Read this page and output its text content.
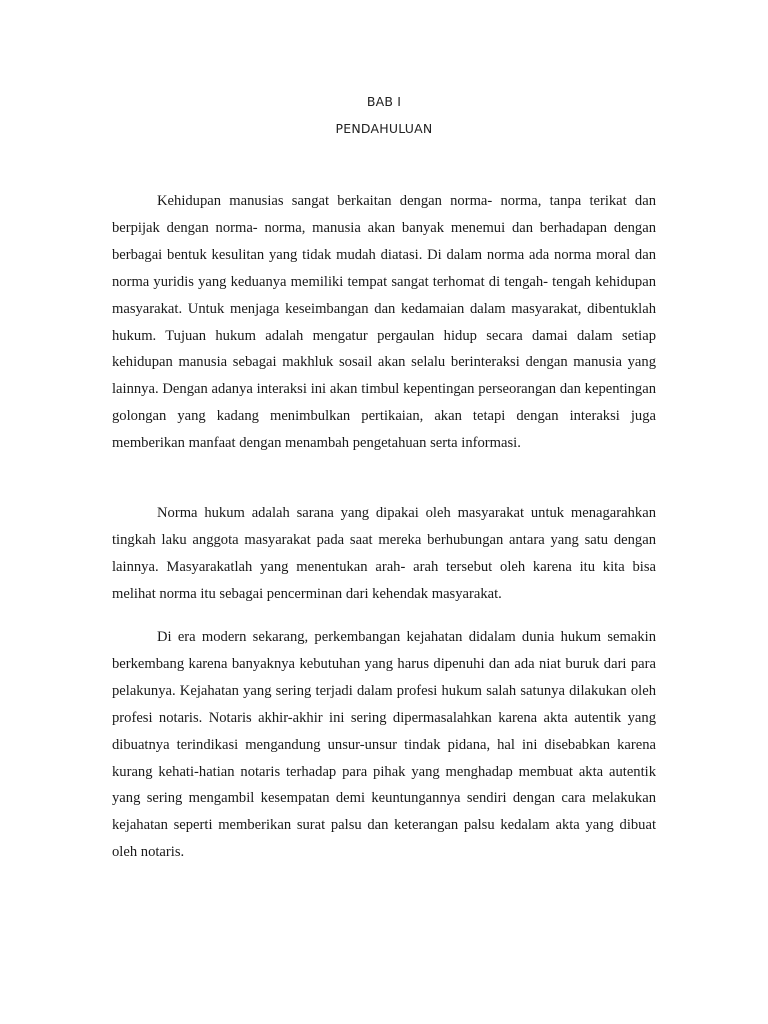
BAB I
PENDAHULUAN

Kehidupan manusias sangat berkaitan dengan norma- norma, tanpa terikat dan berpijak dengan norma- norma, manusia akan banyak menemui dan berhadapan dengan berbagai bentuk kesulitan yang tidak mudah diatasi. Di dalam norma ada norma moral dan norma yuridis yang keduanya memiliki tempat sangat terhomat di tengah- tengah kehidupan masyarakat. Untuk menjaga keseimbangan dan kedamaian dalam masyarakat, dibentuklah hukum. Tujuan hukum adalah mengatur pergaulan hidup secara damai dalam setiap kehidupan manusia sebagai makhluk sosail akan selalu berinteraksi dengan manusia yang lainnya. Dengan adanya interaksi ini akan timbul kepentingan perseorangan dan kepentingan golongan yang kadang menimbulkan pertikaian, akan tetapi dengan interaksi juga memberikan manfaat dengan menambah pengetahuan serta informasi.

Norma hukum adalah sarana yang dipakai oleh masyarakat untuk menagarahkan tingkah laku anggota masyarakat pada saat mereka berhubungan antara yang satu dengan lainnya. Masyarakatlah yang menentukan arah- arah tersebut oleh karena itu kita bisa melihat norma itu sebagai pencerminan dari kehendak masyarakat.

Di era modern sekarang, perkembangan kejahatan didalam dunia hukum semakin berkembang karena banyaknya kebutuhan yang harus dipenuhi dan ada niat buruk dari para pelakunya. Kejahatan yang sering terjadi dalam profesi hukum salah satunya dilakukan oleh profesi notaris. Notaris akhir-akhir ini sering dipermasalahkan karena akta autentik yang dibuatnya terindikasi mengandung unsur-unsur tindak pidana, hal ini disebabkan karena kurang kehati-hatian notaris terhadap para pihak yang menghadap membuat akta autentik yang sering mengambil kesempatan demi keuntungannya sendiri dengan cara melakukan kejahatan seperti memberikan surat palsu dan keterangan palsu kedalam akta yang dibuat oleh notaris.
